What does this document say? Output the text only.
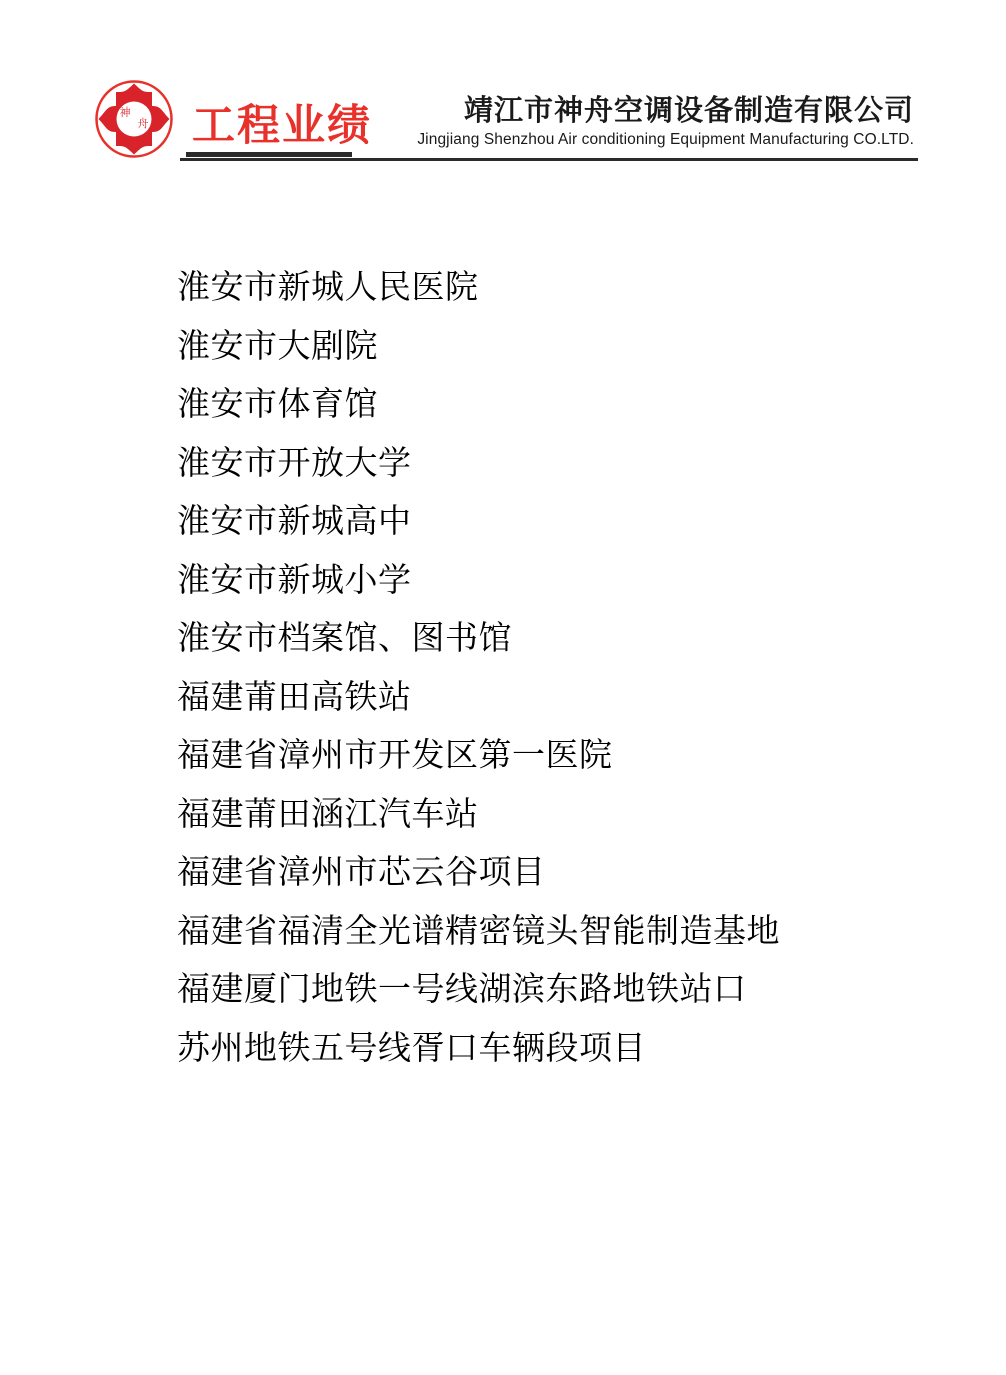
神
舟 工程业绩	靖江市神舟空调设备制造有限公司
Jingjiang Shenzhou Air conditioning Equipment Manufacturing CO.LTD.
淮安市新城人民医院
淮安市大剧院
淮安市体育馆
淮安市开放大学
淮安市新城高中
淮安市新城小学
淮安市档案馆、图书馆
福建莆田高铁站
福建省漳州市开发区第一医院
福建莆田涵江汽车站
福建省漳州市芯云谷项目
福建省福清全光谱精密镜头智能制造基地
福建厦门地铁一号线湖滨东路地铁站口
苏州地铁五号线胥口车辆段项目
